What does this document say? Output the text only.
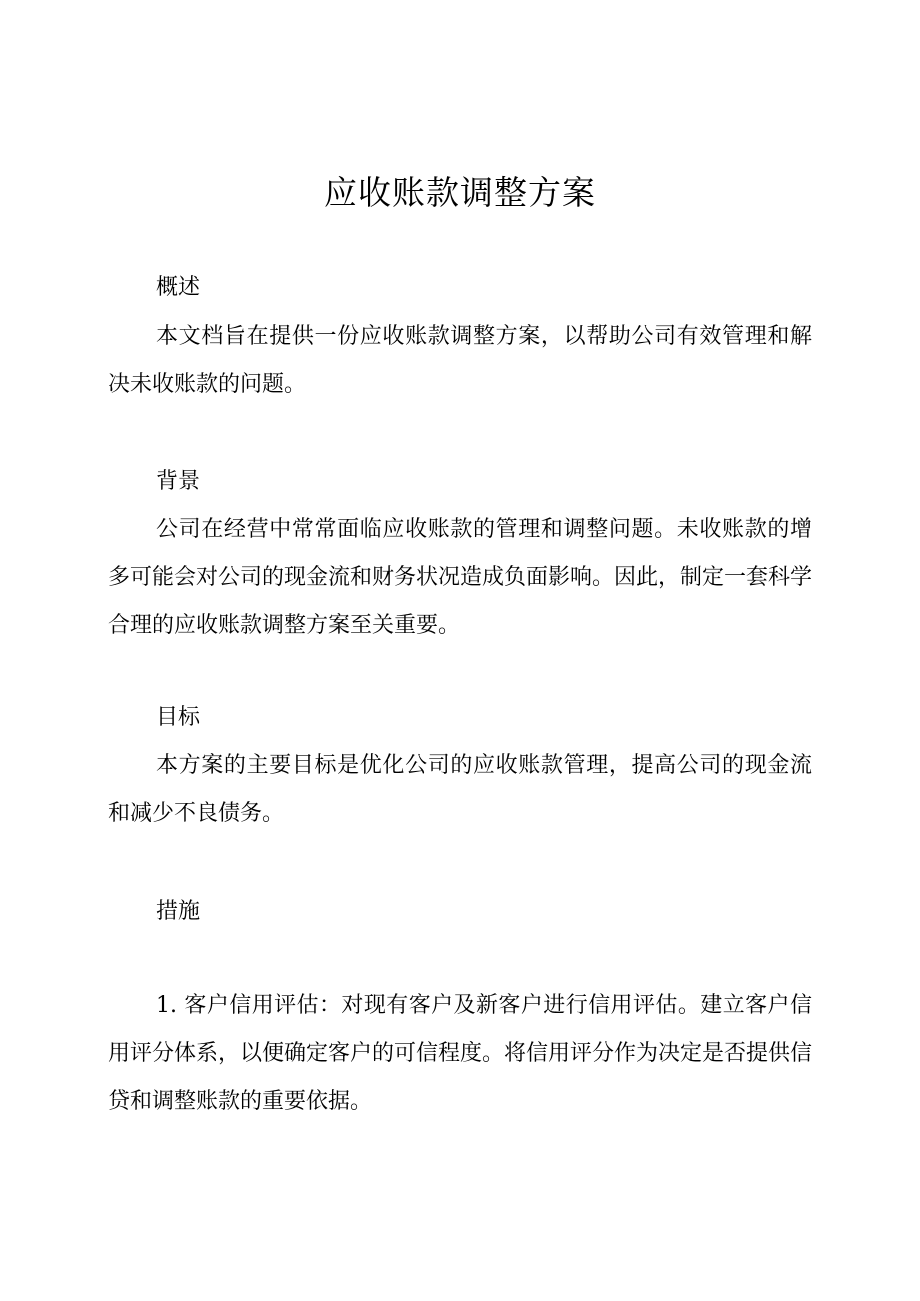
应收账款调整方案
概述

本文档旨在提供一份应收账款调整方案，以帮助公司有效管理和解决未收账款的问题。

背景

公司在经营中常常面临应收账款的管理和调整问题。未收账款的增多可能会对公司的现金流和财务状况造成负面影响。因此，制定一套科学合理的应收账款调整方案至关重要。

目标

本方案的主要目标是优化公司的应收账款管理，提高公司的现金流和减少不良债务。

措施

1. 客户信用评估：对现有客户及新客户进行信用评估。建立客户信用评分体系，以便确定客户的可信程度。将信用评分作为决定是否提供信贷和调整账款的重要依据。
